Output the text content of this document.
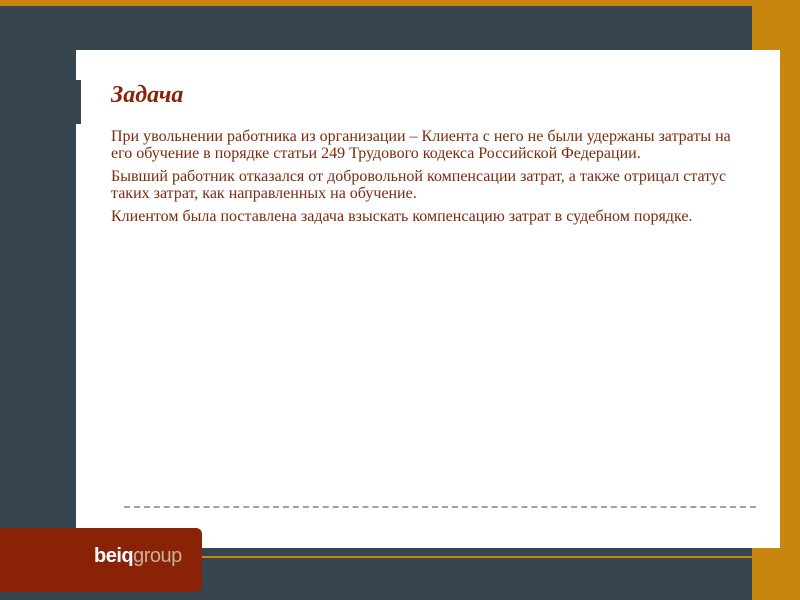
Задача

При увольнении работника из организации – Клиента с него не были удержаны затраты на его обучение в порядке статьи 249 Трудового кодекса Российской Федерации.

Бывший работник отказался от добровольной компенсации затрат, а также отрицал статус таких затрат, как направленных на обучение.

Клиентом была поставлена задача взыскать компенсацию затрат в судебном порядке.

beiqgroup
